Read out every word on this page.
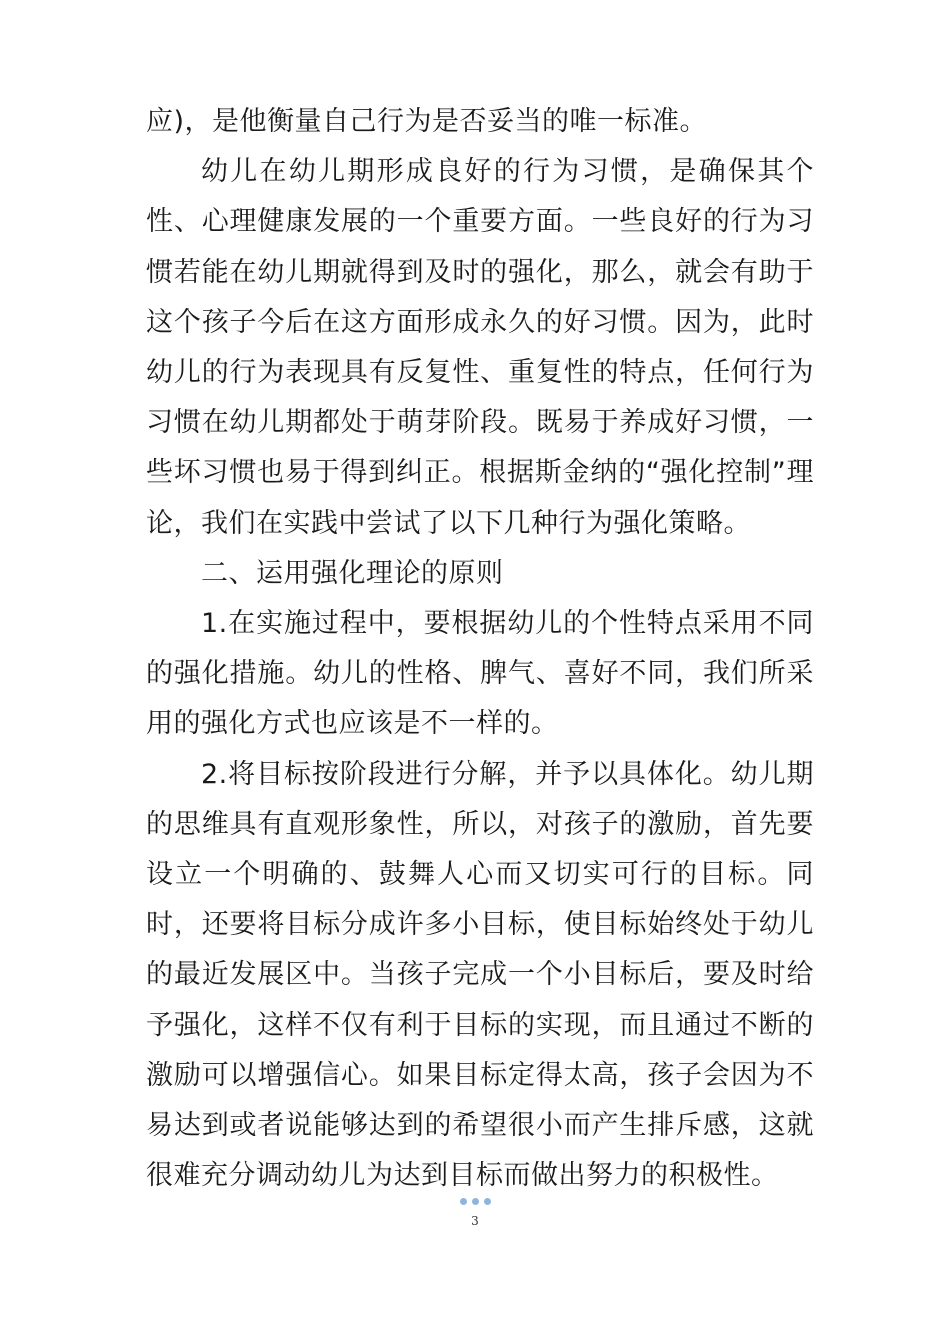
应)，是他衡量自己行为是否妥当的唯一标准。

幼儿在幼儿期形成良好的行为习惯，是确保其个性、心理健康发展的一个重要方面。一些良好的行为习惯若能在幼儿期就得到及时的强化，那么，就会有助于这个孩子今后在这方面形成永久的好习惯。因为，此时幼儿的行为表现具有反复性、重复性的特点，任何行为习惯在幼儿期都处于萌芽阶段。既易于养成好习惯，一些坏习惯也易于得到纠正。根据斯金纳的“强化控制”理论，我们在实践中尝试了以下几种行为强化策略。

二、运用强化理论的原则

1.在实施过程中，要根据幼儿的个性特点采用不同的强化措施。幼儿的性格、脾气、喜好不同，我们所采用的强化方式也应该是不一样的。

2.将目标按阶段进行分解，并予以具体化。幼儿期的思维具有直观形象性，所以，对孩子的激励，首先要设立一个明确的、鼓舞人心而又切实可行的目标。同时，还要将目标分成许多小目标，使目标始终处于幼儿的最近发展区中。当孩子完成一个小目标后，要及时给予强化，这样不仅有利于目标的实现，而且通过不断的激励可以增强信心。如果目标定得太高，孩子会因为不易达到或者说能够达到的希望很小而产生排斥感，这就很难充分调动幼儿为达到目标而做出努力的积极性。

3
